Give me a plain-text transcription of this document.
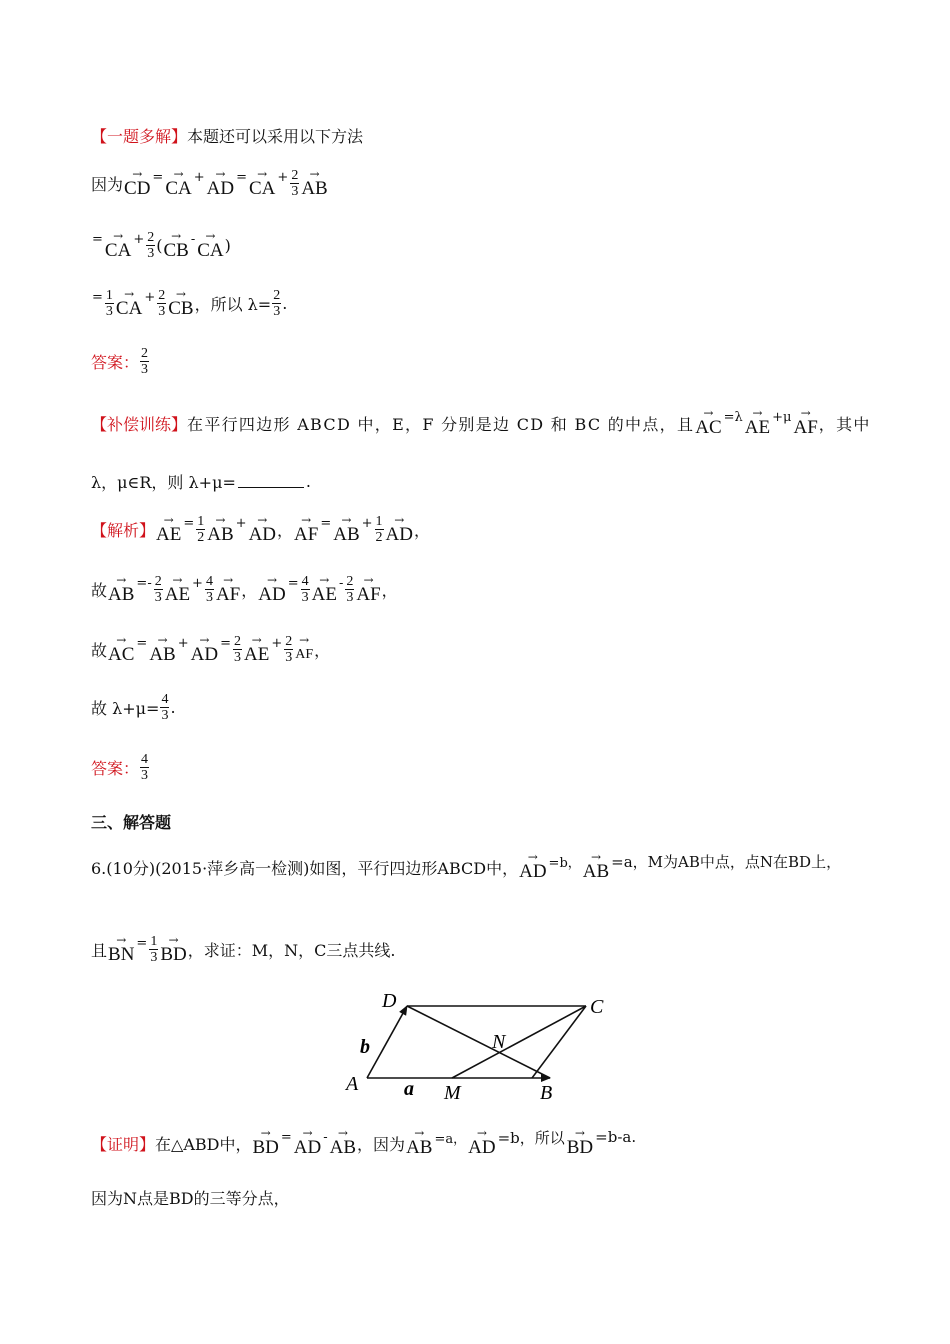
【一题多解】 本题还可以采用以下方法
因为
→
CD = →
CA + →
AD = →
CA + $\frac{2}{3}$ →
AB
= →
CA + $\frac{2}{3}$ (
→
CB - →
CA )
= $\frac{1}{3}$ →
CA + $\frac{2}{3}$ →
CB ，所以 $\lambda= \frac{2}{3}$ .
答案： $\frac{2}{3}$
【补偿训练】 在平行四边形 ABCD 中，E，F 分别是边 CD 和 BC 的中点，且
→
AC =λ →
AE +μ →
AF ，其中
λ，μ∈R，则 λ+μ=	.
【解析】
→
AE = $\frac{1}{2}$ →
AB + →
AD ，
→
AF = →
AB + $\frac{1}{2}$ →
AD ，
故
→
AB =- $\frac{2}{3}$ →
AE + $\frac{4}{3}$ →
AF ，
→
AD = $\frac{4}{3}$ →
AE - $\frac{2}{3}$ →
AF ，
故
→
AC = →
AB + →
AD = $\frac{2}{3}$ →
AE + $\frac{2}{3}$ →
AF ，
故 $\lambda+\mu= \frac{4}{3}$ .
答案： $\frac{4}{3}$
三、解答题
6.(10分)(2015·萍乡高一检测)如图，平行四边形ABCD中，
→
AD =b， →
AB =a，M为AB中点，点N在BD上，
且
→
BN = $\frac{1}{3}$ →
BD ，求证：M，N，C三点共线.
D	C
N
b
A a M	B
【证明】 在△ABD中，
→
BD = →
AD - →
AB ，因为
→
AB =a， →
AD =b，所以 →
BD =b-a.
因为N点是BD的三等分点，
